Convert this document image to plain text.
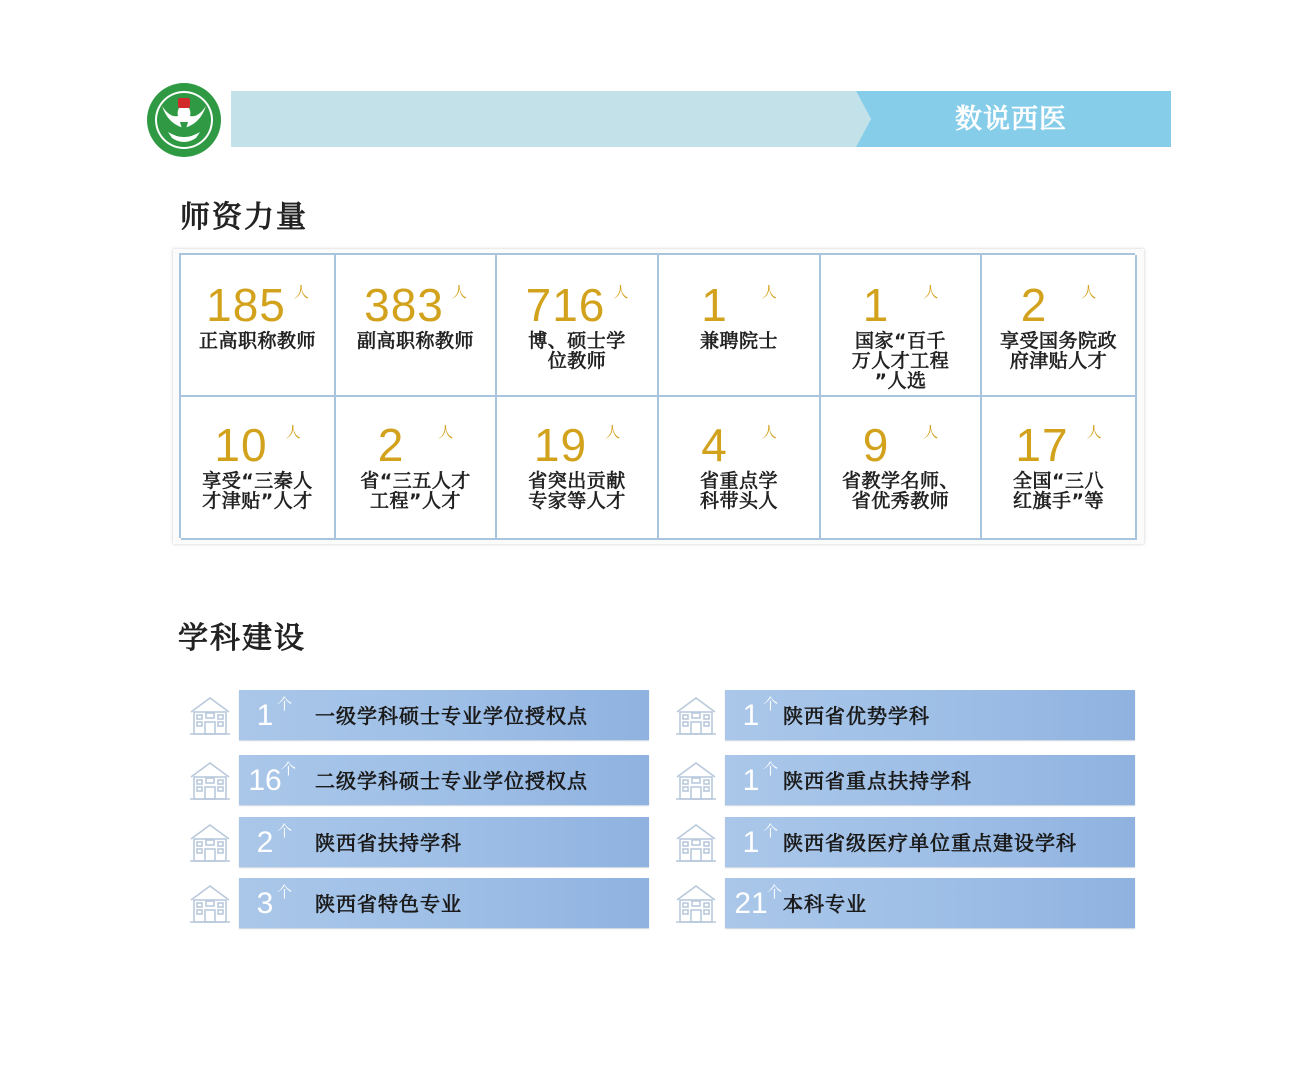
数说西医
师资力量
185 人
正高职称教师
383 人
副高职称教师
716 人
博、硕士学
位教师
1 人
兼聘院士
1 人
国家“百千
万人才工程
”人选
2 人
享受国务院政
府津贴人才
10 人
享受“三秦人
才津贴”人才
2 人
省“三五人才
工程”人才
19 人
省突出贡献
专家等人才
4 人
省重点学
科带头人
9 人
省教学名师、
省优秀教师
17 人
全国“三八
红旗手”等
学科建设
1 个 一级学科硕士专业学位授权点
16 个 二级学科硕士专业学位授权点
2 个 陕西省扶持学科
3 个 陕西省特色专业
1 个 陕西省优势学科
1 个 陕西省重点扶持学科
1 个 陕西省级医疗单位重点建设学科
21 个 本科专业
